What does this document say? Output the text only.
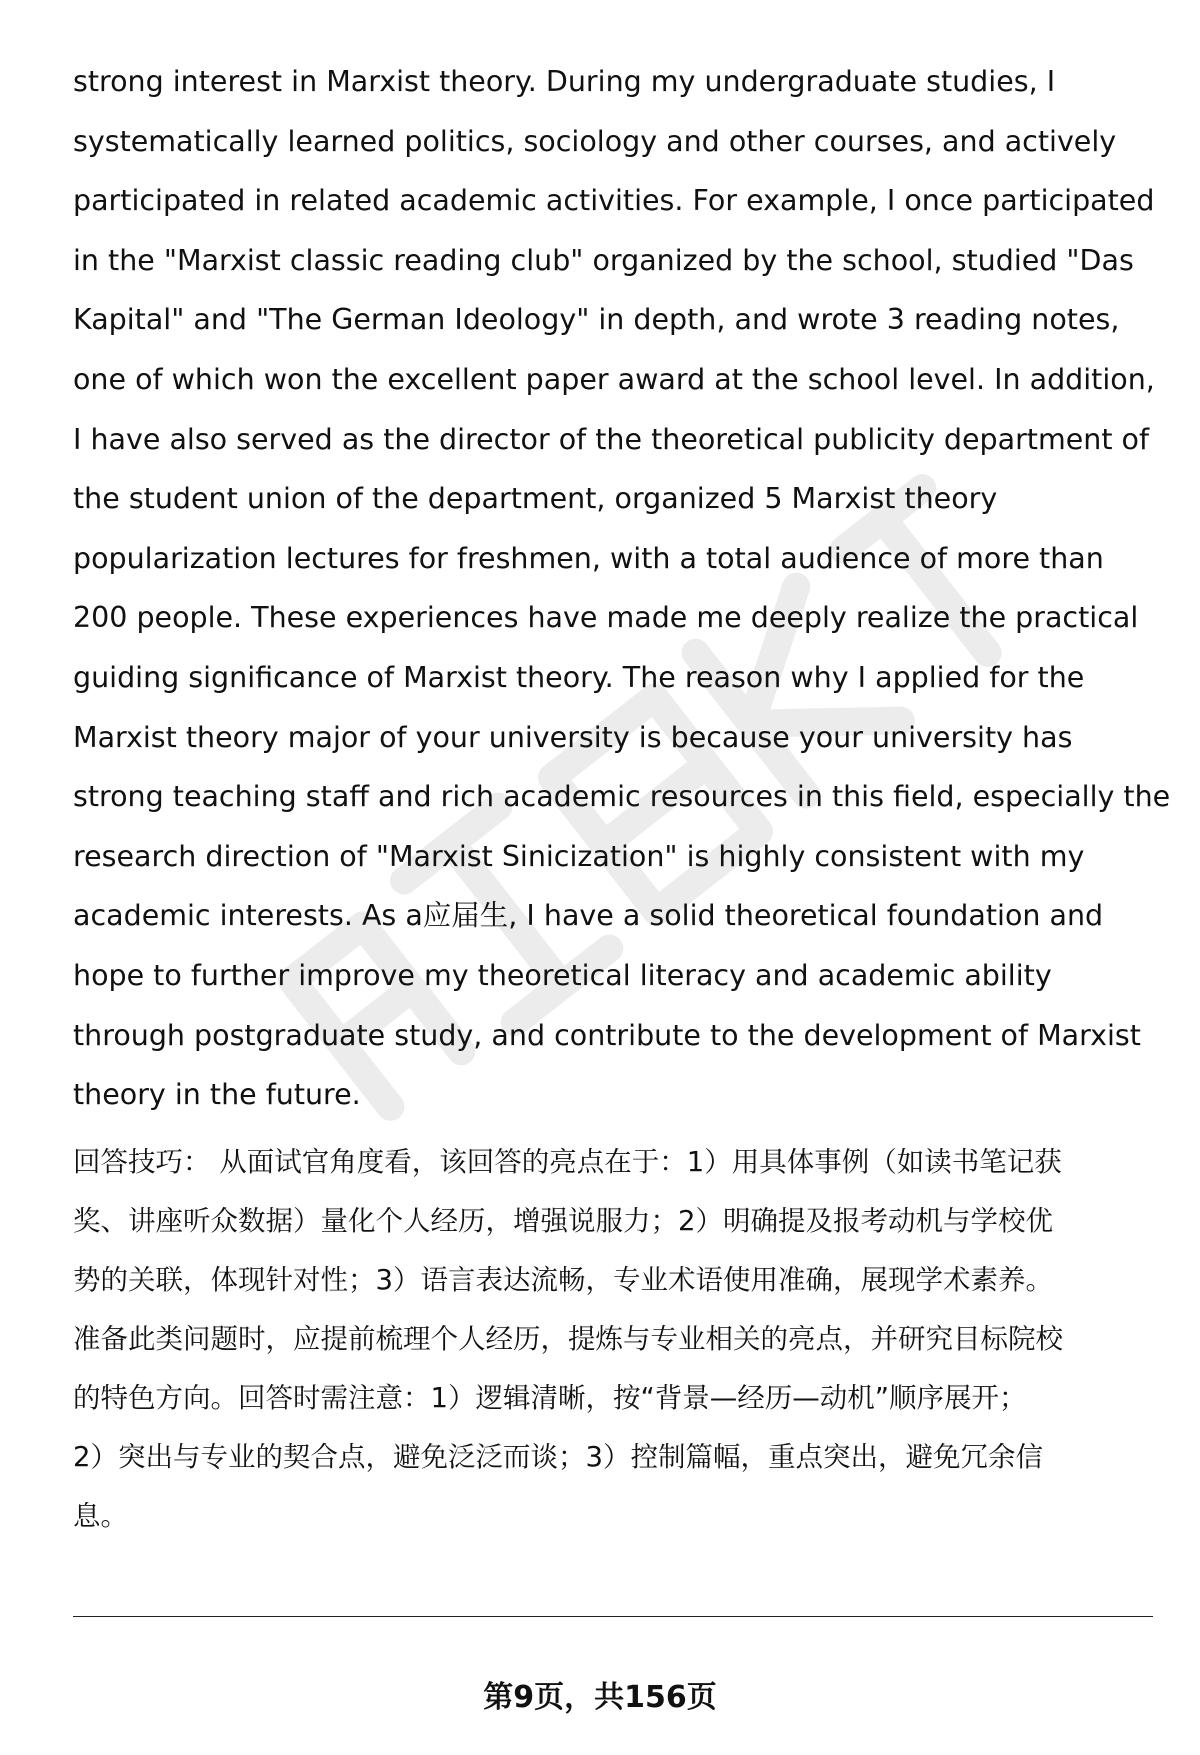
strong interest in Marxist theory. During my undergraduate studies, I
systematically learned politics, sociology and other courses, and actively
participated in related academic activities. For example, I once participated
in the "Marxist classic reading club" organized by the school, studied "Das
Kapital" and "The German Ideology" in depth, and wrote 3 reading notes,
one of which won the excellent paper award at the school level. In addition,
I have also served as the director of the theoretical publicity department of
the student union of the department, organized 5 Marxist theory
popularization lectures for freshmen, with a total audience of more than
200 people. These experiences have made me deeply realize the practical
guiding significance of Marxist theory. The reason why I applied for the
Marxist theory major of your university is because your university has
strong teaching staff and rich academic resources in this field, especially the
research direction of "Marxist Sinicization" is highly consistent with my
academic interests. As a应届生, I have a solid theoretical foundation and
hope to further improve my theoretical literacy and academic ability
through postgraduate study, and contribute to the development of Marxist
theory in the future.
回答技巧： 从面试官角度看，该回答的亮点在于：1）用具体事例（如读书笔记获
奖、讲座听众数据）量化个人经历，增强说服力；2）明确提及报考动机与学校优
势的关联，体现针对性；3）语言表达流畅，专业术语使用准确，展现学术素养。
准备此类问题时，应提前梳理个人经历，提炼与专业相关的亮点，并研究目标院校
的特色方向。回答时需注意：1）逻辑清晰，按“背景—经历—动机”顺序展开；
2）突出与专业的契合点，避免泛泛而谈；3）控制篇幅，重点突出，避免冗余信
息。
第9页，共156页
